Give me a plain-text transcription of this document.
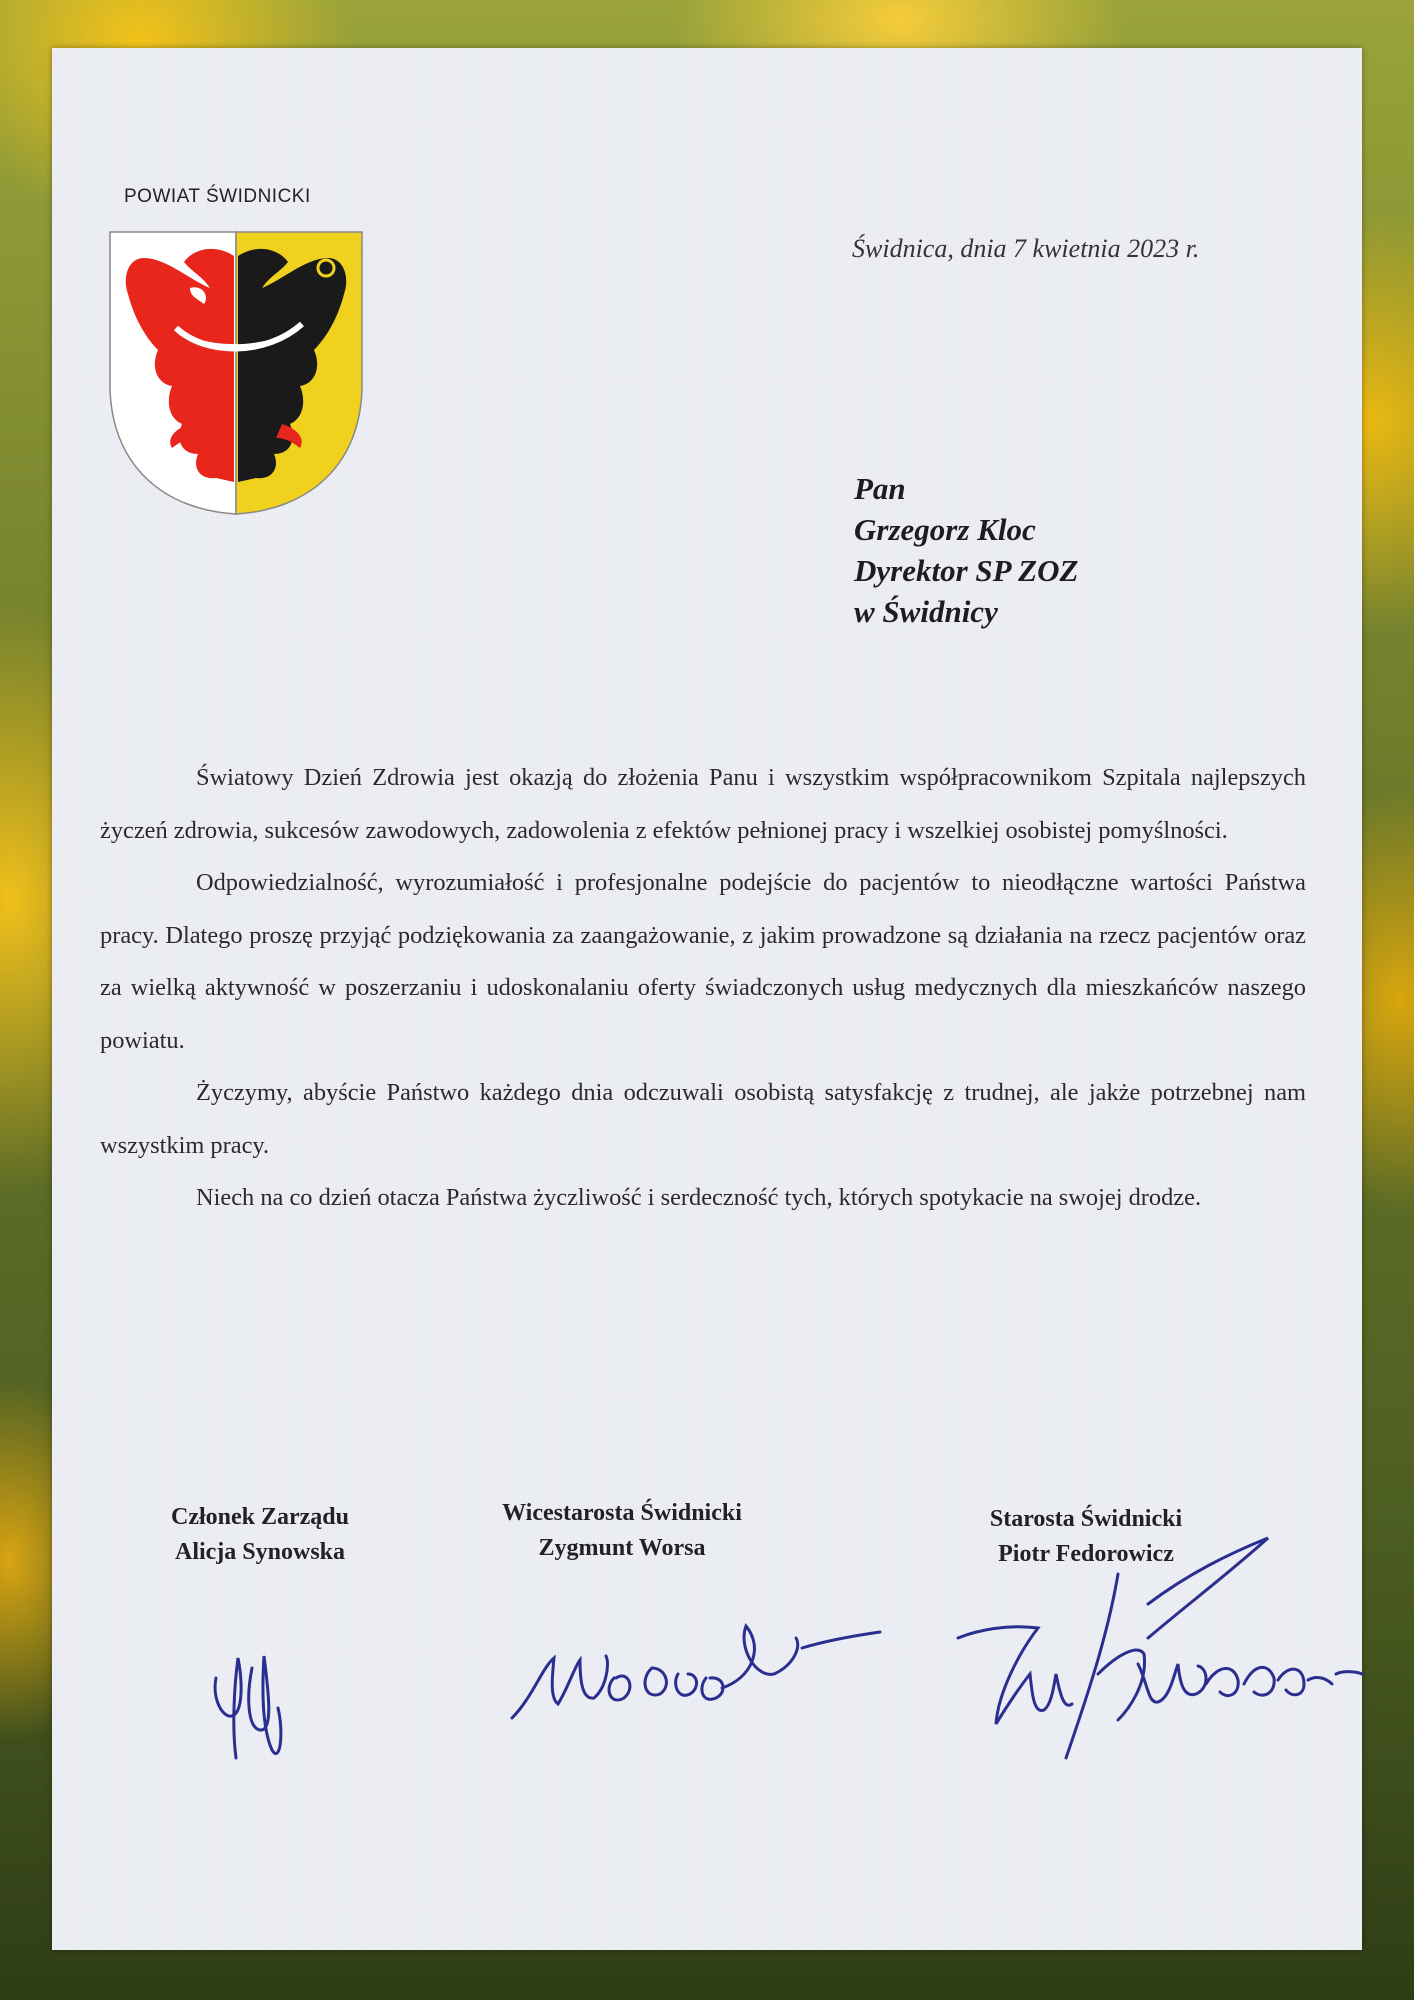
POWIAT ŚWIDNICKI
Świdnica, dnia 7 kwietnia 2023 r.
Pan
Grzegorz Kloc
Dyrektor SP ZOZ
w Świdnicy

Światowy Dzień Zdrowia jest okazją do złożenia Panu i wszystkim współpracownikom Szpitala najlepszych życzeń zdrowia, sukcesów zawodowych, zadowolenia z efektów pełnionej pracy i wszelkiej osobistej pomyślności.

Odpowiedzialność, wyrozumiałość i profesjonalne podejście do pacjentów to nieodłączne wartości Państwa pracy. Dlatego proszę przyjąć podziękowania za zaangażowanie, z jakim prowadzone są działania na rzecz pacjentów oraz za wielką aktywność w poszerzaniu i udoskonalaniu oferty świadczonych usług medycznych dla mieszkańców naszego powiatu.

Życzymy, abyście Państwo każdego dnia odczuwali osobistą satysfakcję z trudnej, ale jakże potrzebnej nam wszystkim pracy.

Niech na co dzień otacza Państwa życzliwość i serdeczność tych, których spotykacie na swojej drodze.

Członek Zarządu
Alicja Synowska
Wicestarosta Świdnicki
Zygmunt Worsa
Starosta Świdnicki
Piotr Fedorowicz
